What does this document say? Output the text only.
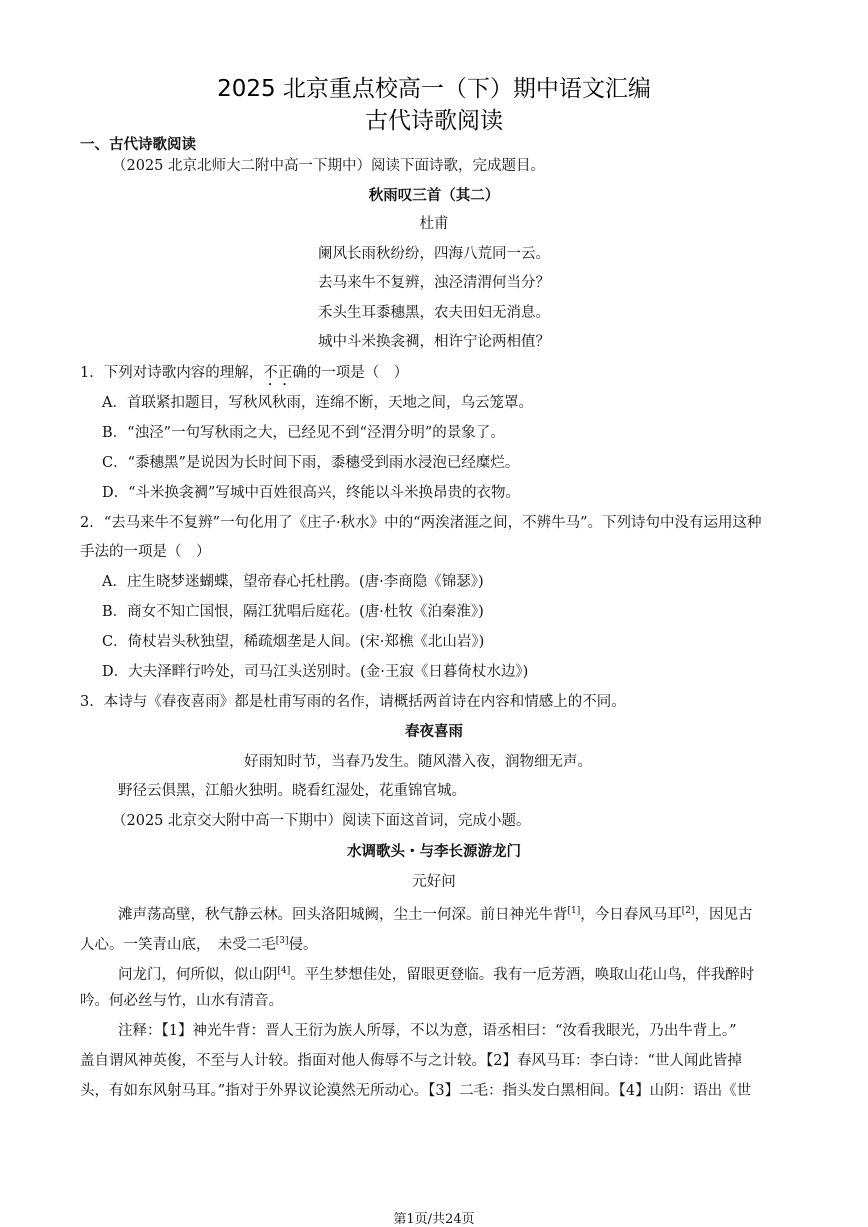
2025 北京重点校高一（下）期中语文汇编
古代诗歌阅读
一、古代诗歌阅读
（2025 北京北师大二附中高一下期中）阅读下面诗歌，完成题目。
秋雨叹三首（其二）
杜甫
阑风长雨秋纷纷，四海八荒同一云。
去马来牛不复辨，浊泾清渭何当分？
禾头生耳黍穗黑，农夫田妇无消息。
城中斗米换衾裯，相许宁论两相值？
1．下列对诗歌内容的理解，不正确的一项是（　）
A．首联紧扣题目，写秋风秋雨，连绵不断，天地之间，乌云笼罩。
B．“浊泾”一句写秋雨之大，已经见不到“泾渭分明”的景象了。
C．“黍穗黑”是说因为长时间下雨，黍穗受到雨水浸泡已经糜烂。
D．“斗米换衾裯”写城中百姓很高兴，终能以斗米换昂贵的衣物。
2．“去马来牛不复辨”一句化用了《庄子·秋水》中的“两涘渚涯之间，不辨牛马”。下列诗句中没有运用这种
手法的一项是（　）
A．庄生晓梦迷蝴蝶，望帝春心托杜鹃。(唐·李商隐《锦瑟》)
B．商女不知亡国恨，隔江犹唱后庭花。(唐·杜牧《泊秦淮》)
C．倚杖岩头秋独望，稀疏烟垄是人间。(宋·郑樵《北山岩》)
D．大夫泽畔行吟处，司马江头送别时。(金·王寂《日暮倚杖水边》)
3．本诗与《春夜喜雨》都是杜甫写雨的名作，请概括两首诗在内容和情感上的不同。
春夜喜雨
好雨知时节，当春乃发生。随风潜入夜，润物细无声。
野径云俱黑，江船火独明。晓看红湿处，花重锦官城。
（2025 北京交大附中高一下期中）阅读下面这首词，完成小题。
水调歌头・与李长源游龙门
元好问
滩声荡高壁，秋气静云林。回头洛阳城阙，尘土一何深。前日神光牛背[1]，今日春风马耳[2]，因见古
人心。一笑青山底，　未受二毛[3]侵。
问龙门，何所似，似山阴[4]。平生梦想佳处，留眼更登临。我有一卮芳酒，唤取山花山鸟，伴我醉时
吟。何必丝与竹，山水有清音。
注释：【1】神光牛背：晋人王衍为族人所辱，不以为意，语丞相曰：“汝看我眼光，乃出牛背上。”
盖自谓风神英俊，不至与人计较。指面对他人侮辱不与之计较。【2】春风马耳：李白诗：“世人闻此皆掉
头，有如东风射马耳。”指对于外界议论漠然无所动心。【3】二毛：指头发白黑相间。【4】山阴：语出《世
第1页/共24页
